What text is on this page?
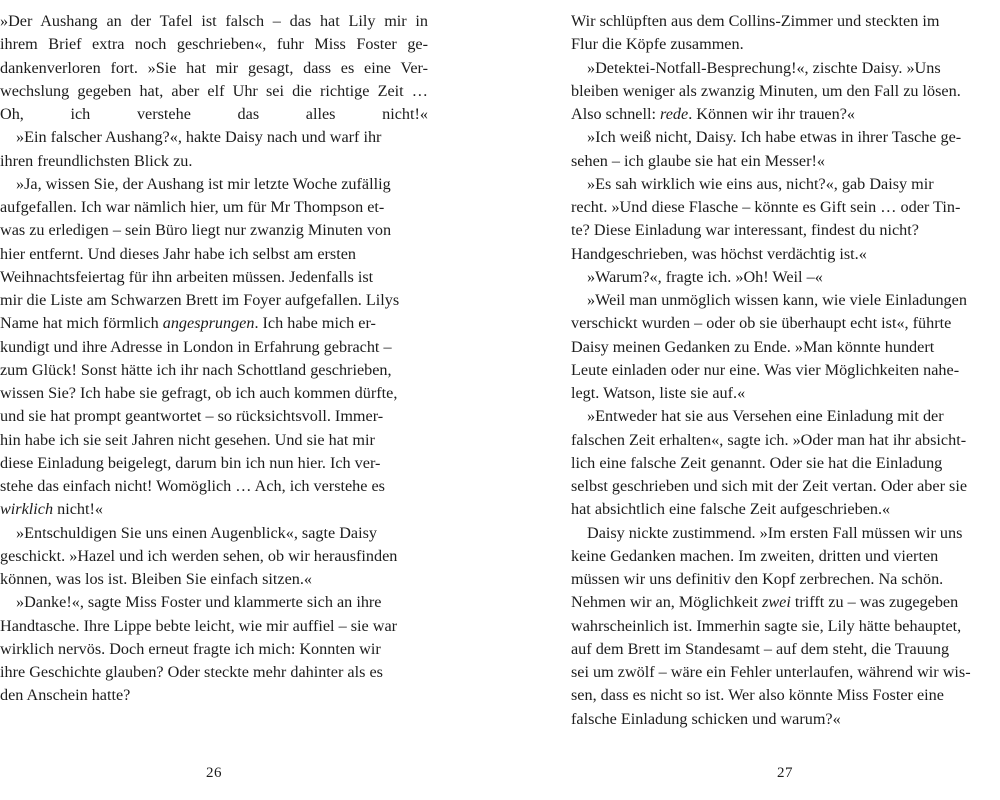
»Der Aushang an der Tafel ist falsch – das hat Lily mir in
ihrem Brief extra noch geschrieben«, fuhr Miss Foster ge-
dankenverloren fort. »Sie hat mir gesagt, dass es eine Ver-
wechslung gegeben hat, aber elf Uhr sei die richtige Zeit …
Oh, ich verstehe das alles nicht!«

»Ein falscher Aushang?«, hakte Daisy nach und warf ihr
ihren freundlichsten Blick zu.

»Ja, wissen Sie, der Aushang ist mir letzte Woche zufällig
aufgefallen. Ich war nämlich hier, um für Mr Thompson et-
was zu erledigen – sein Büro liegt nur zwanzig Minuten von
hier entfernt. Und dieses Jahr habe ich selbst am ersten
Weihnachtsfeiertag für ihn arbeiten müssen. Jedenfalls ist
mir die Liste am Schwarzen Brett im Foyer aufgefallen. Lilys
Name hat mich förmlich angesprungen. Ich habe mich er-
kundigt und ihre Adresse in London in Erfahrung gebracht –
zum Glück! Sonst hätte ich ihr nach Schottland geschrieben,
wissen Sie? Ich habe sie gefragt, ob ich auch kommen dürfte,
und sie hat prompt geantwortet – so rücksichtsvoll. Immer-
hin habe ich sie seit Jahren nicht gesehen. Und sie hat mir
diese Einladung beigelegt, darum bin ich nun hier. Ich ver-
stehe das einfach nicht! Womöglich … Ach, ich verstehe es
wirklich nicht!«

»Entschuldigen Sie uns einen Augenblick«, sagte Daisy
geschickt. »Hazel und ich werden sehen, ob wir herausfinden
können, was los ist. Bleiben Sie einfach sitzen.«

»Danke!«, sagte Miss Foster und klammerte sich an ihre
Handtasche. Ihre Lippe bebte leicht, wie mir auffiel – sie war
wirklich nervös. Doch erneut fragte ich mich: Konnten wir
ihre Geschichte glauben? Oder steckte mehr dahinter als es
den Anschein hatte?

26

Wir schlüpften aus dem Collins-Zimmer und steckten im
Flur die Köpfe zusammen.

»Detektei-Notfall-Besprechung!«, zischte Daisy. »Uns
bleiben weniger als zwanzig Minuten, um den Fall zu lösen.
Also schnell: rede. Können wir ihr trauen?«

»Ich weiß nicht, Daisy. Ich habe etwas in ihrer Tasche ge-
sehen – ich glaube sie hat ein Messer!«

»Es sah wirklich wie eins aus, nicht?«, gab Daisy mir
recht. »Und diese Flasche – könnte es Gift sein … oder Tin-
te? Diese Einladung war interessant, findest du nicht?
Handgeschrieben, was höchst verdächtig ist.«

»Warum?«, fragte ich. »Oh! Weil –«

»Weil man unmöglich wissen kann, wie viele Einladungen
verschickt wurden – oder ob sie überhaupt echt ist«, führte
Daisy meinen Gedanken zu Ende. »Man könnte hundert
Leute einladen oder nur eine. Was vier Möglichkeiten nahe-
legt. Watson, liste sie auf.«

»Entweder hat sie aus Versehen eine Einladung mit der
falschen Zeit erhalten«, sagte ich. »Oder man hat ihr absicht-
lich eine falsche Zeit genannt. Oder sie hat die Einladung
selbst geschrieben und sich mit der Zeit vertan. Oder aber sie
hat absichtlich eine falsche Zeit aufgeschrieben.«

Daisy nickte zustimmend. »Im ersten Fall müssen wir uns
keine Gedanken machen. Im zweiten, dritten und vierten
müssen wir uns definitiv den Kopf zerbrechen. Na schön.
Nehmen wir an, Möglichkeit zwei trifft zu – was zugegeben
wahrscheinlich ist. Immerhin sagte sie, Lily hätte behauptet,
auf dem Brett im Standesamt – auf dem steht, die Trauung
sei um zwölf – wäre ein Fehler unterlaufen, während wir wis-
sen, dass es nicht so ist. Wer also könnte Miss Foster eine
falsche Einladung schicken und warum?«

27
